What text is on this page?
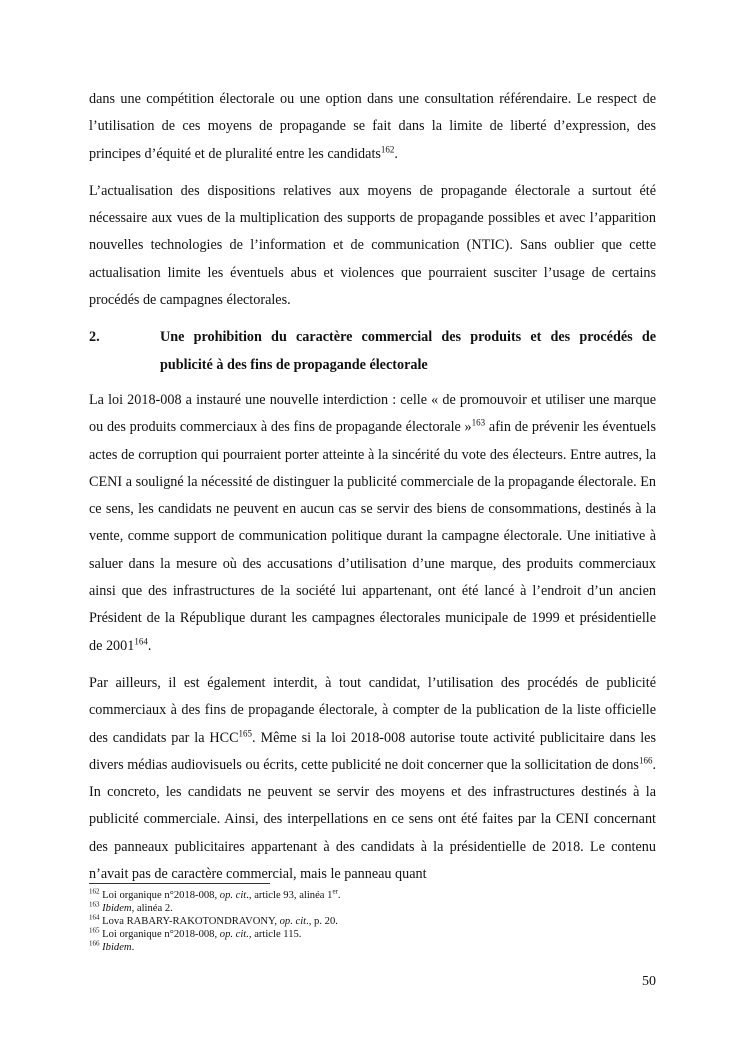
dans une compétition électorale ou une option dans une consultation référendaire. Le respect de l’utilisation de ces moyens de propagande se fait dans la limite de liberté d’expression, des principes d’équité et de pluralité entre les candidats$^{162}$.

L’actualisation des dispositions relatives aux moyens de propagande électorale a surtout été nécessaire aux vues de la multiplication des supports de propagande possibles et avec l’apparition nouvelles technologies de l’information et de communication (NTIC). Sans oublier que cette actualisation limite les éventuels abus et violences que pourraient susciter l’usage de certains procédés de campagnes électorales.

2.	Une prohibition du caractère commercial des produits et des procédés de publicité à des fins de propagande électorale

La loi 2018-008 a instauré une nouvelle interdiction : celle « de promouvoir et utiliser une marque ou des produits commerciaux à des fins de propagande électorale »$^{163}$ afin de prévenir les éventuels actes de corruption qui pourraient porter atteinte à la sincérité du vote des électeurs. Entre autres, la CENI a souligné la nécessité de distinguer la publicité commerciale de la propagande électorale. En ce sens, les candidats ne peuvent en aucun cas se servir des biens de consommations, destinés à la vente, comme support de communication politique durant la campagne électorale. Une initiative à saluer dans la mesure où des accusations d’utilisation d’une marque, des produits commerciaux ainsi que des infrastructures de la société lui appartenant, ont été lancé à l’endroit d’un ancien Président de la République durant les campagnes électorales municipale de 1999 et présidentielle de 2001$^{164}$.

Par ailleurs, il est également interdit, à tout candidat, l’utilisation des procédés de publicité commerciaux à des fins de propagande électorale, à compter de la publication de la liste officielle des candidats par la HCC$^{165}$. Même si la loi 2018-008 autorise toute activité publicitaire dans les divers médias audiovisuels ou écrits, cette publicité ne doit concerner que la sollicitation de dons$^{166}$. In concreto, les candidats ne peuvent se servir des moyens et des infrastructures destinés à la publicité commerciale. Ainsi, des interpellations en ce sens ont été faites par la CENI concernant des panneaux publicitaires appartenant à des candidats à la présidentielle de 2018. Le contenu n’avait pas de caractère commercial, mais le panneau quant

$^{162}$ Loi organique n°2018-008, op. cit., article 93, alinéa 1er.
$^{163}$ Ibidem, alinéa 2.
$^{164}$ Lova RABARY-RAKOTONDRAVONY, op. cit., p. 20.
$^{165}$ Loi organique n°2018-008, op. cit., article 115.
$^{166}$ Ibidem.
50
